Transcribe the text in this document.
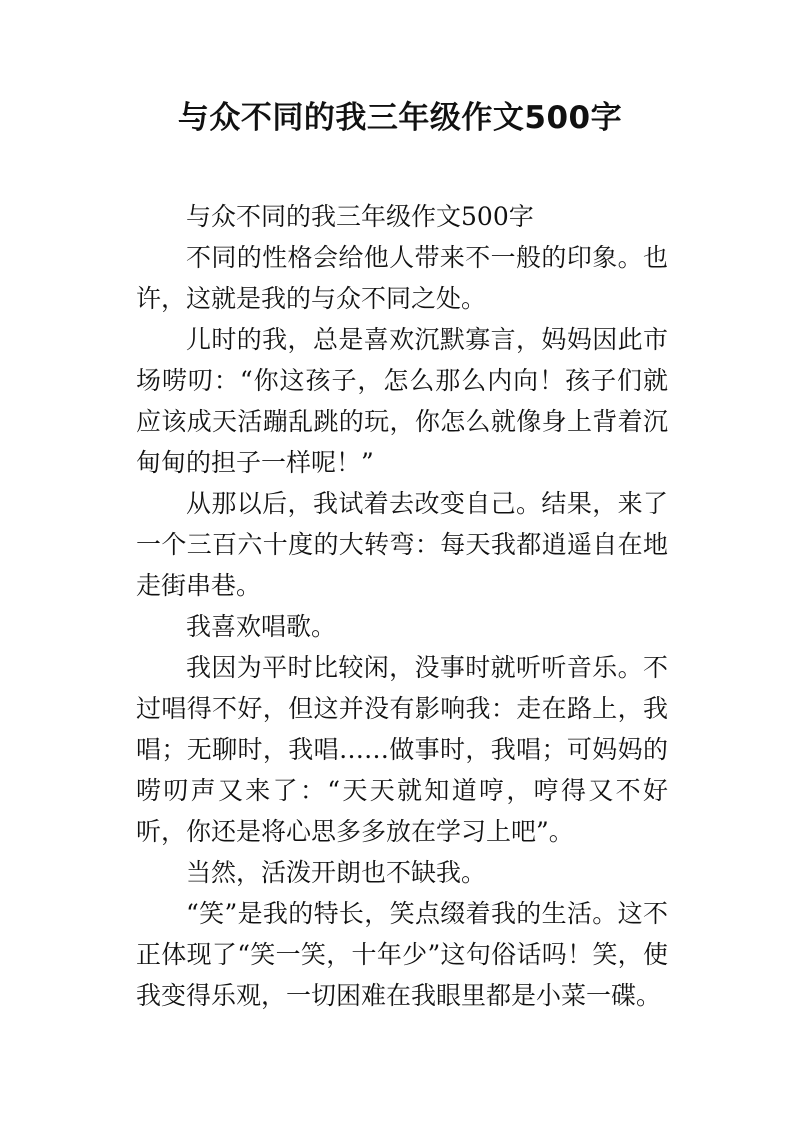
与众不同的我三年级作文500字

与众不同的我三年级作文500字

不同的性格会给他人带来不一般的印象。也许，这就是我的与众不同之处。

儿时的我，总是喜欢沉默寡言，妈妈因此市场唠叨：“你这孩子，怎么那么内向！孩子们就应该成天活蹦乱跳的玩，你怎么就像身上背着沉甸甸的担子一样呢！”

从那以后，我试着去改变自己。结果，来了一个三百六十度的大转弯：每天我都逍遥自在地走街串巷。

我喜欢唱歌。

我因为平时比较闲，没事时就听听音乐。不过唱得不好，但这并没有影响我：走在路上，我唱；无聊时，我唱……做事时，我唱；可妈妈的唠叨声又来了：“天天就知道哼，哼得又不好听，你还是将心思多多放在学习上吧”。

当然，活泼开朗也不缺我。

“笑”是我的特长，笑点缀着我的生活。这不正体现了“笑一笑，十年少”这句俗话吗！笑，使我变得乐观，一切困难在我眼里都是小菜一碟。
